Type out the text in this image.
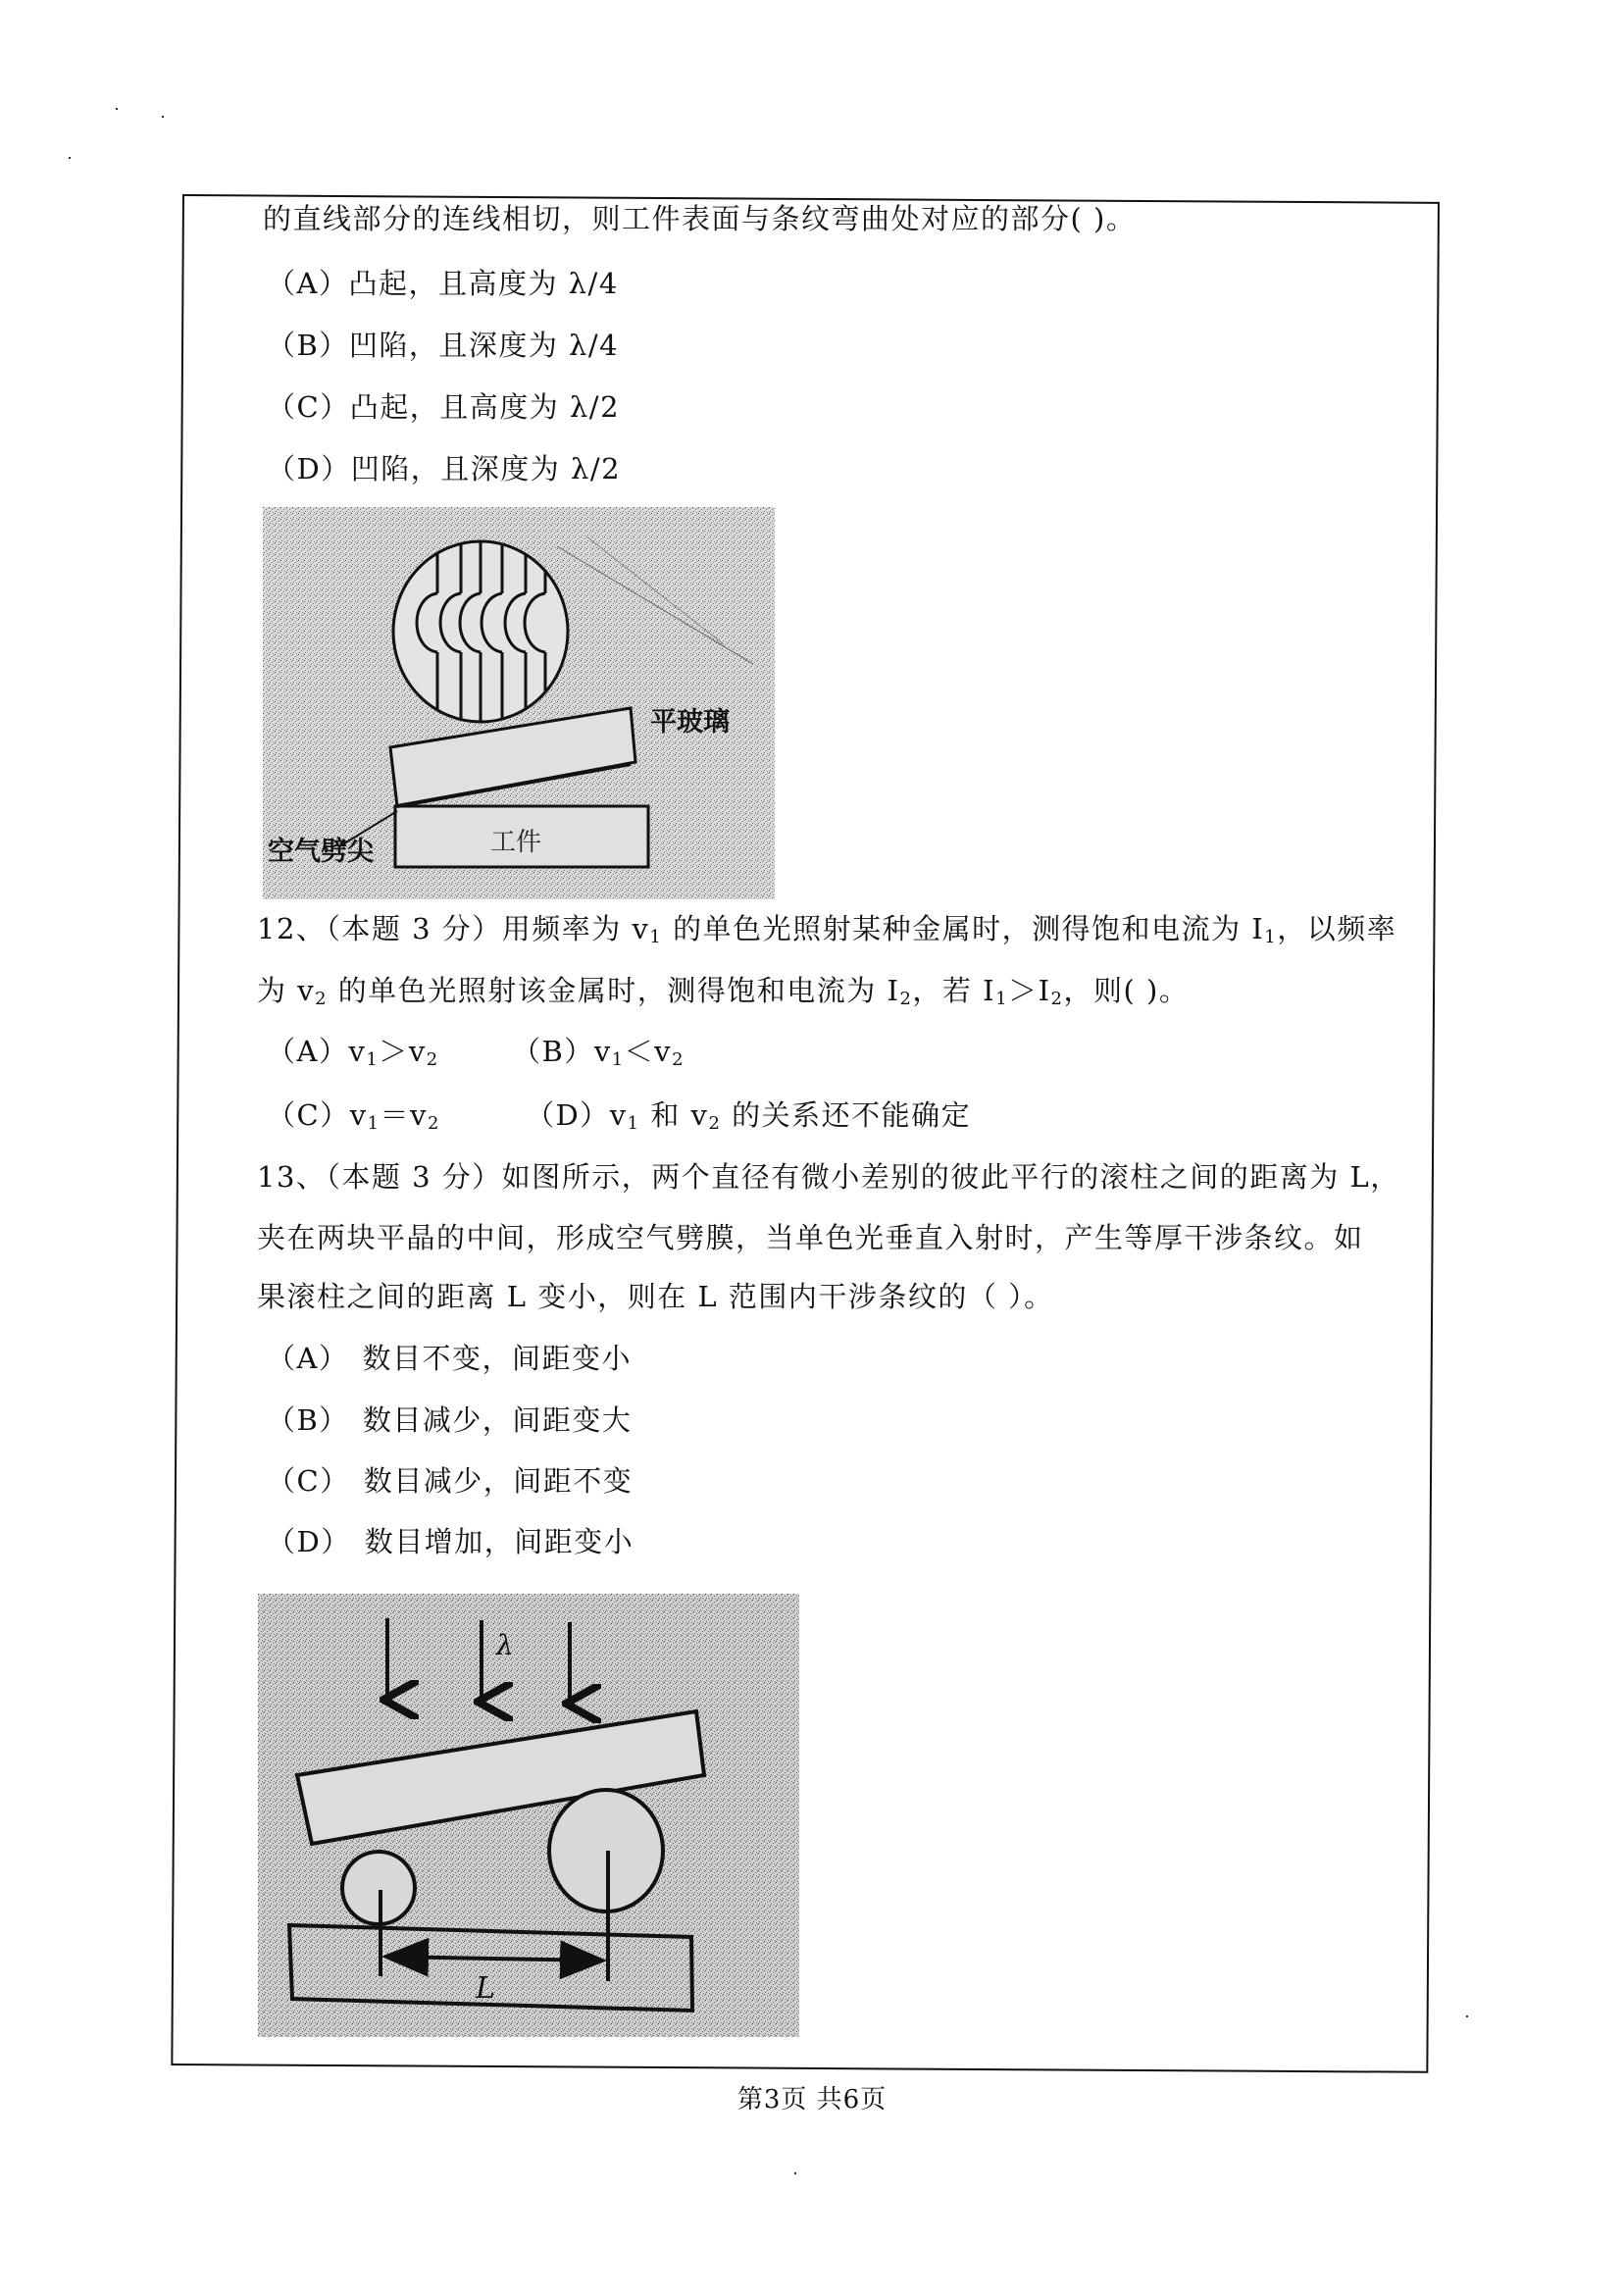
的直线部分的连线相切，则工件表面与条纹弯曲处对应的部分( )。
（A）凸起，且高度为 λ/4
（B）凹陷，且深度为 λ/4
（C）凸起，且高度为 λ/2
（D）凹陷，且深度为 λ/2
平玻璃
空气劈尖	工件
12、（本题 3 分）用频率为 $v_1$ 的单色光照射某种金属时，测得饱和电流为 $I_1$，以频率
为 $v_2$ 的单色光照射该金属时，测得饱和电流为 $I_2$，若 $I_1>I_2$，则( )。
$(A)v_1>v_2$	$(B)v_1<v_2$
$(C)v_1=v_2$	$(D)v_1$ 和 $v_2$ 的关系还不能确定
13、（本题 3 分）如图所示，两个直径有微小差别的彼此平行的滚柱之间的距离为 L，
夹在两块平晶的中间，形成空气劈膜，当单色光垂直入射时，产生等厚干涉条纹。如
果滚柱之间的距离 L 变小，则在 L 范围内干涉条纹的（ ）。
（A） 数目不变，间距变小
（B） 数目减少，间距变大
（C） 数目减少，间距不变
（D） 数目增加，间距变小
λ
L
第3页 共6页
